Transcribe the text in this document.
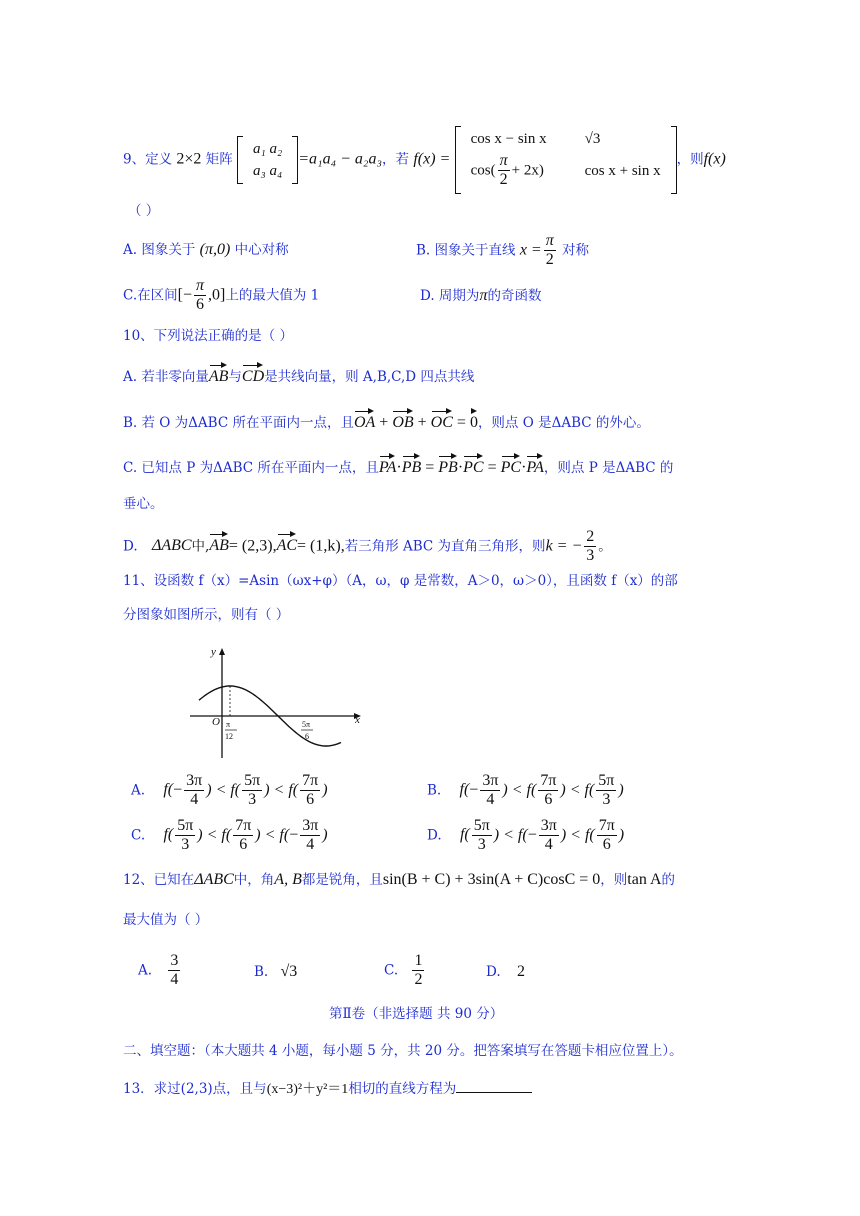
9、定义 2×2 矩阵
a₁ a₂
a₃ a₄
=a₁a₄ − a₂a₃，若 f(x) =
cos x − sin x	√3
$\cos( \frac{\pi}{2} + 2x)$	cos x + sin x
，则f(x)
（ ）
A. 图象关于 (π,0) 中心对称	B. 图象关于直线 $x = \frac{\pi}{2}$ 对称
C.在区间[− $\frac{\pi}{6} ,0$]上的最大值为 1	D. 周期为π的奇函数
10、下列说法正确的是（ ）
A. 若非零向量AB与CD是共线向量，则 A,B,C,D 四点共线
B. 若 O 为ΔABC 所在平面内一点，且OA + OB + OC = 0，则点 O 是ΔABC 的外心。
C. 已知点 P 为ΔABC 所在平面内一点，且PA·PB = PB·PC = PC·PA，则点 P 是ΔABC 的
垂心。
D. ΔABC中,AB= (2,3),AC= (1,k),若三角形 ABC 为直角三角形，则k = − $\frac{2}{3}$ 。
11、设函数 f（x）=Asin（ωx+φ）（A，ω，φ 是常数，A＞0，ω＞0），且函数 f（x）的部
分图象如图所示，则有（ ）
y
x
O π
12
5π
6
A. $f(- \frac{3\pi}{4}$ ) < $f( \frac{5\pi}{3}$ ) < $f( \frac{7\pi}{6}$ )	B. $f(- \frac{3\pi}{4}$ ) < $f( \frac{7\pi}{6}$ ) < $f( \frac{5\pi}{3}$ )
C. $f( \frac{5\pi}{3}$ ) < $f( \frac{7\pi}{6}$ ) < $f(- \frac{3\pi}{4}$ )	D. $f( \frac{5\pi}{3}$ ) < $f(- \frac{3\pi}{4}$ ) < $f( \frac{7\pi}{6}$ )
12、已知在ΔABC中，角A, B都是锐角，且sin(B + C) + 3sin(A + C)cosC = 0，则tan A的
最大值为（ ）
A. $\frac{3}{4}$	B. √3	C. $\frac{1}{2}$	D. 2
第Ⅱ卷（非选择题 共 90 分）
二、填空题：（本大题共 4 小题，每小题 5 分，共 20 分。把答案填写在答题卡相应位置上）。
13．求过(2,3)点，且与(x−3)²＋y²＝1相切的直线方程为
